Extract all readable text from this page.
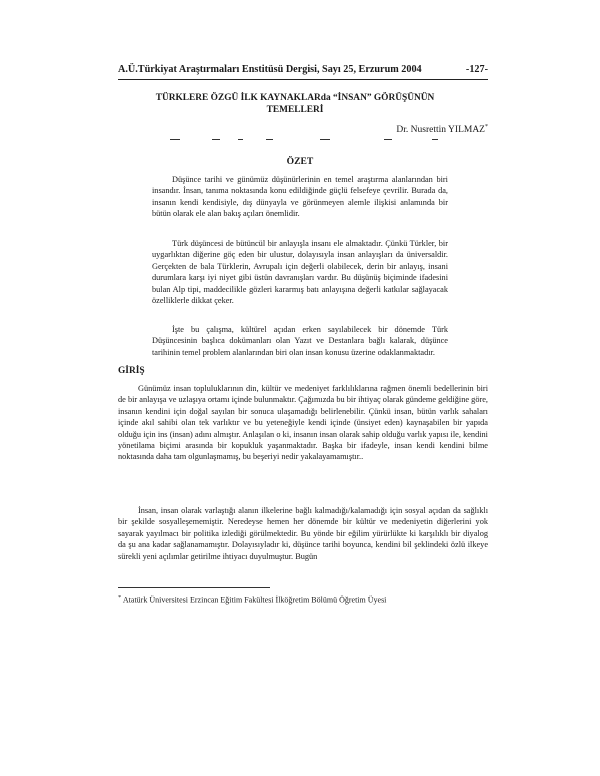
A.Ü.Türkiyat Araştırmaları Enstitüsü Dergisi, Sayı 25, Erzurum 2004	-127-
TÜRKLERE ÖZGÜ İLK KAYNAKLARda “İNSAN” GÖRÜŞÜNÜN
TEMELLERİ
Dr. Nusrettin YILMAZ*
ÖZET

Düşünce tarihi ve günümüz düşünürlerinin en temel araştırma alanlarından biri insandır. İnsan, tanıma noktasında konu edildiğinde güçlü felsefeye çevrilir. Burada da, insanın kendi kendisiyle, dış dünyayla ve görünmeyen alemle ilişkisi anlamında bir bütün olarak ele alan bakış açıları önemlidir.

Türk düşüncesi de bütüncül bir anlayışla insanı ele almaktadır. Çünkü Türkler, bir uygarlıktan diğerine göç eden bir ulustur, dolayısıyla insan anlayışları da üniversaldir. Gerçekten de bala Türklerin, Avrupalı için değerli olabilecek, derin bir anlayış, insani durumlara karşı iyi niyet gibi üstün davranışları vardır. Bu düşünüş biçiminde ifadesini bulan Alp tipi, maddecilikle gözleri kararmış batı anlayışına değerli katkılar sağlayacak özelliklerle dikkat çeker.

İşte bu çalışma, kültürel açıdan erken sayılabilecek bir dönemde Türk Düşüncesinin başlıca dokümanları olan Yazıt ve Destanlara bağlı kalarak, düşünce tarihinin temel problem alanlarından biri olan insan konusu üzerine odaklanmaktadır.

GİRİŞ

Günümüz insan topluluklarının din, kültür ve medeniyet farklılıklarına rağmen önemli bedellerinin biri de bir anlayışa ve uzlaşıya ortamı içinde bulunmaktır. Çağımızda bu bir ihtiyaç olarak gündeme geldiğine göre, insanın kendini için doğal sayılan bir sonuca ulaşamadığı belirlenebilir. Çünkü insan, bütün varlık sahaları içinde akıl sahibi olan tek varlıktır ve bu yeteneğiyle kendi içinde (ünsiyet eden) kaynaşabilen bir yapıda olduğu için ins (insan) adını almıştır. Anlaşılan o ki, insanın insan olarak sahip olduğu varlık yapısı ile, kendini yönetilama biçimi arasında bir kopukluk yaşanmaktadır. Başka bir ifadeyle, insan kendi kendini bilme noktasında daha tam olgunlaşmamış, bu beşeriyi nedir yakalayamamıştır..

İnsan, insan olarak varlaştığı alanın ilkelerine bağlı kalmadığı/kalamadığı için sosyal açıdan da sağlıklı bir şekilde sosyalleşememiştir. Neredeyse hemen her dönemde bir kültür ve medeniyetin diğerlerini yok sayarak yayılmacı bir politika izlediği görülmektedir. Bu yönde bir eğilim yürürlükte ki karşılıklı bir diyalog da şu ana kadar sağlanamamıştır. Dolayısıyladır ki, düşünce tarihi boyunca, kendini bil şeklindeki özlü ilkeye sürekli yeni açılımlar getirilme ihtiyacı duyulmuştur. Bugün

* Atatürk Üniversitesi Erzincan Eğitim Fakültesi İlköğretim Bölümü Öğretim Üyesi
